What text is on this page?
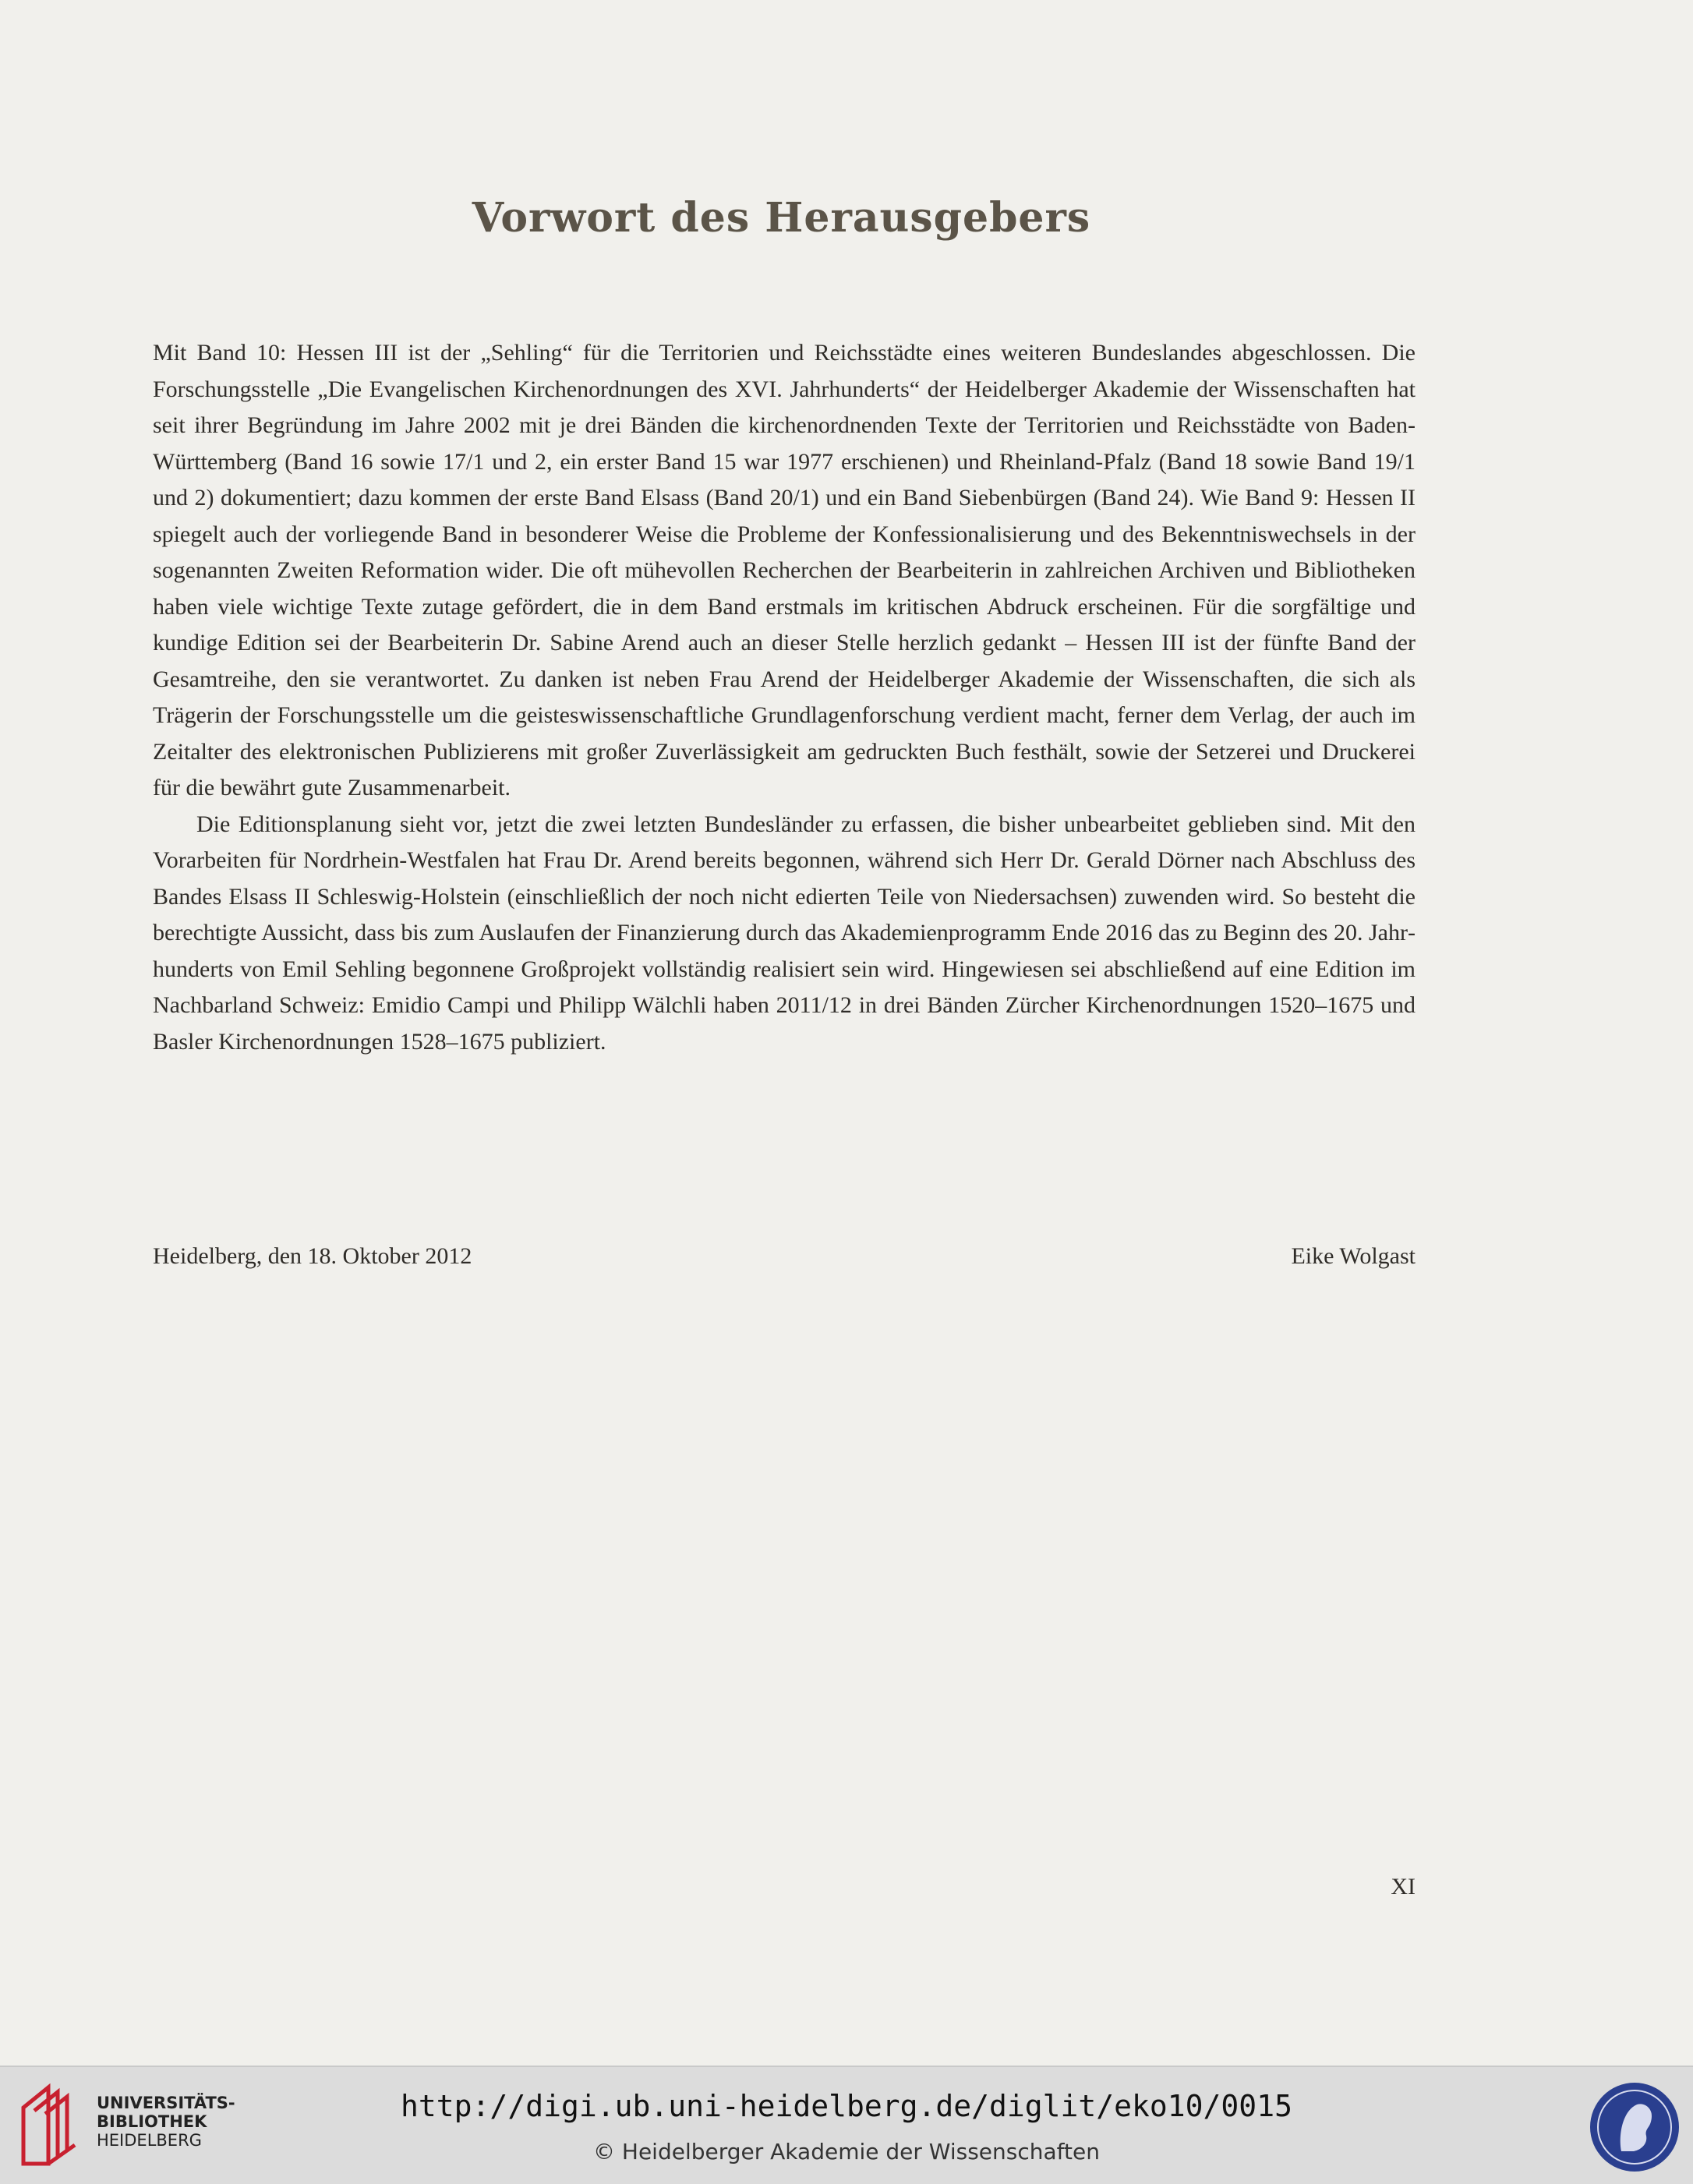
Vorwort des Herausgebers

Mit Band 10: Hessen III ist der „Sehling“ für die Territorien und Reichsstädte eines weiteren Bundeslandes abgeschlossen. Die Forschungsstelle „Die Evangelischen Kirchenordnungen des XVI. Jahrhunderts“ der Heidelberger Akademie der Wissenschaften hat seit ihrer Begründung im Jahre 2002 mit je drei Bänden die kirchenordnenden Texte der Territorien und Reichsstädte von Baden-Württemberg (Band 16 sowie 17/1 und 2, ein erster Band 15 war 1977 erschienen) und Rheinland-Pfalz (Band 18 sowie Band 19/1 und 2) dokumentiert; dazu kommen der erste Band Elsass (Band 20/1) und ein Band Siebenbürgen (Band 24). Wie Band 9: Hessen II spiegelt auch der vorliegende Band in besonderer Weise die Probleme der Konfessionalisierung und des Bekenntniswechsels in der sogenannten Zweiten Reformation wider. Die oft mühevollen Recherchen der Bearbeiterin in zahlreichen Archiven und Bibliotheken haben viele wichtige Texte zutage gefördert, die in dem Band erstmals im kritischen Abdruck erscheinen. Für die sorgfältige und kundige Edition sei der Bearbeiterin Dr. Sabine Arend auch an dieser Stelle herzlich gedankt – Hessen III ist der fünfte Band der Gesamtreihe, den sie verantwortet. Zu danken ist neben Frau Arend der Heidelberger Akademie der Wissenschaften, die sich als Trägerin der Forschungsstelle um die geisteswissenschaftliche Grundlagenforschung verdient macht, ferner dem Verlag, der auch im Zeitalter des elektronischen Publizierens mit großer Zuverlässigkeit am gedruckten Buch festhält, sowie der Setzerei und Druckerei für die bewährt gute Zusammenarbeit.

Die Editionsplanung sieht vor, jetzt die zwei letzten Bundesländer zu erfassen, die bisher unbearbeitet geblieben sind. Mit den Vorarbeiten für Nordrhein-Westfalen hat Frau Dr. Arend bereits begonnen, während sich Herr Dr. Gerald Dörner nach Abschluss des Bandes Elsass II Schleswig-Holstein (einschließlich der noch nicht edierten Teile von Niedersachsen) zuwenden wird. So besteht die berechtigte Aussicht, dass bis zum Auslaufen der Finanzierung durch das Akademienprogramm Ende 2016 das zu Beginn des 20. Jahrhunderts von Emil Sehling begonnene Großprojekt vollständig realisiert sein wird. Hingewiesen sei abschließend auf eine Edition im Nachbarland Schweiz: Emidio Campi und Philipp Wälchli haben 2011/12 in drei Bänden Zürcher Kirchenordnungen 1520–1675 und Basler Kirchenordnungen 1528–1675 publiziert.

Heidelberg, den 18. Oktober 2012	Eike Wolgast
XI
UNIVERSITÄTS-
BIBLIOTHEK
HEIDELBERG
http://digi.ub.uni-heidelberg.de/diglit/eko10/0015
© Heidelberger Akademie der Wissenschaften
